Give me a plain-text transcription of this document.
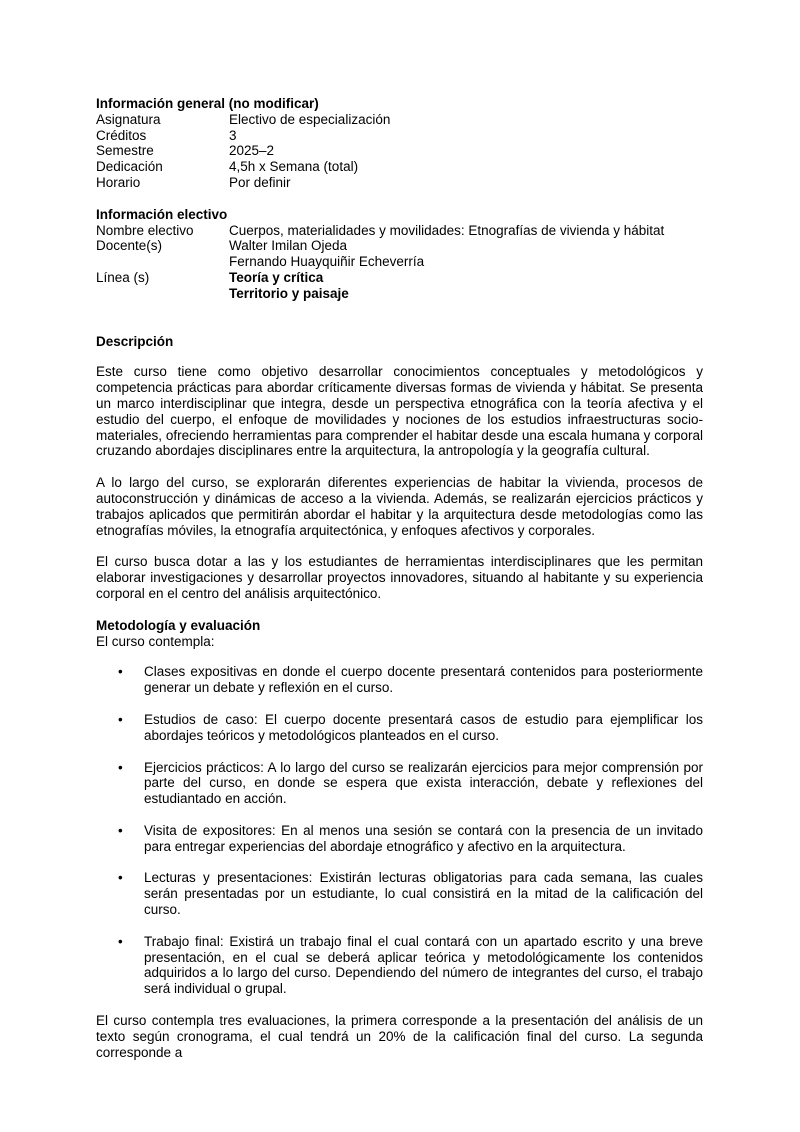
Información general (no modificar)
Asignatura	Electivo de especialización
Créditos	3
Semestre	2025–2
Dedicación	4,5h x Semana (total)
Horario	Por definir
Información electivo
Nombre electivo	Cuerpos, materialidades y movilidades: Etnografías de vivienda y hábitat
Docente(s)	Walter Imilan Ojeda
Fernando Huayquiñir Echeverría
Línea (s)	Teoría y crítica
Territorio y paisaje
Descripción

Este curso tiene como objetivo desarrollar conocimientos conceptuales y metodológicos y competencia prácticas para abordar críticamente diversas formas de vivienda y hábitat. Se presenta un marco interdisciplinar que integra, desde un perspectiva etnográfica con la teoría afectiva y el estudio del cuerpo, el enfoque de movilidades y nociones de los estudios infraestructuras socio-materiales, ofreciendo herramientas para comprender el habitar desde una escala humana y corporal cruzando abordajes disciplinares entre la arquitectura, la antropología y la geografía cultural.

A lo largo del curso, se explorarán diferentes experiencias de habitar la vivienda, procesos de autoconstrucción y dinámicas de acceso a la vivienda. Además, se realizarán ejercicios prácticos y trabajos aplicados que permitirán abordar el habitar y la arquitectura desde metodologías como las etnografías móviles, la etnografía arquitectónica, y enfoques afectivos y corporales.

El curso busca dotar a las y los estudiantes de herramientas interdisciplinares que les permitan elaborar investigaciones y desarrollar proyectos innovadores, situando al habitante y su experiencia corporal en el centro del análisis arquitectónico.

Metodología y evaluación

El curso contempla:

• Clases expositivas en donde el cuerpo docente presentará contenidos para posteriormente generar un debate y reflexión en el curso.
• Estudios de caso: El cuerpo docente presentará casos de estudio para ejemplificar los abordajes teóricos y metodológicos planteados en el curso.
• Ejercicios prácticos: A lo largo del curso se realizarán ejercicios para mejor comprensión por parte del curso, en donde se espera que exista interacción, debate y reflexiones del estudiantado en acción.
• Visita de expositores: En al menos una sesión se contará con la presencia de un invitado para entregar experiencias del abordaje etnográfico y afectivo en la arquitectura.
• Lecturas y presentaciones: Existirán lecturas obligatorias para cada semana, las cuales serán presentadas por un estudiante, lo cual consistirá en la mitad de la calificación del curso.
• Trabajo final: Existirá un trabajo final el cual contará con un apartado escrito y una breve presentación, en el cual se deberá aplicar teórica y metodológicamente los contenidos adquiridos a lo largo del curso. Dependiendo del número de integrantes del curso, el trabajo será individual o grupal.

El curso contempla tres evaluaciones, la primera corresponde a la presentación del análisis de un texto según cronograma, el cual tendrá un 20% de la calificación final del curso. La segunda corresponde a
